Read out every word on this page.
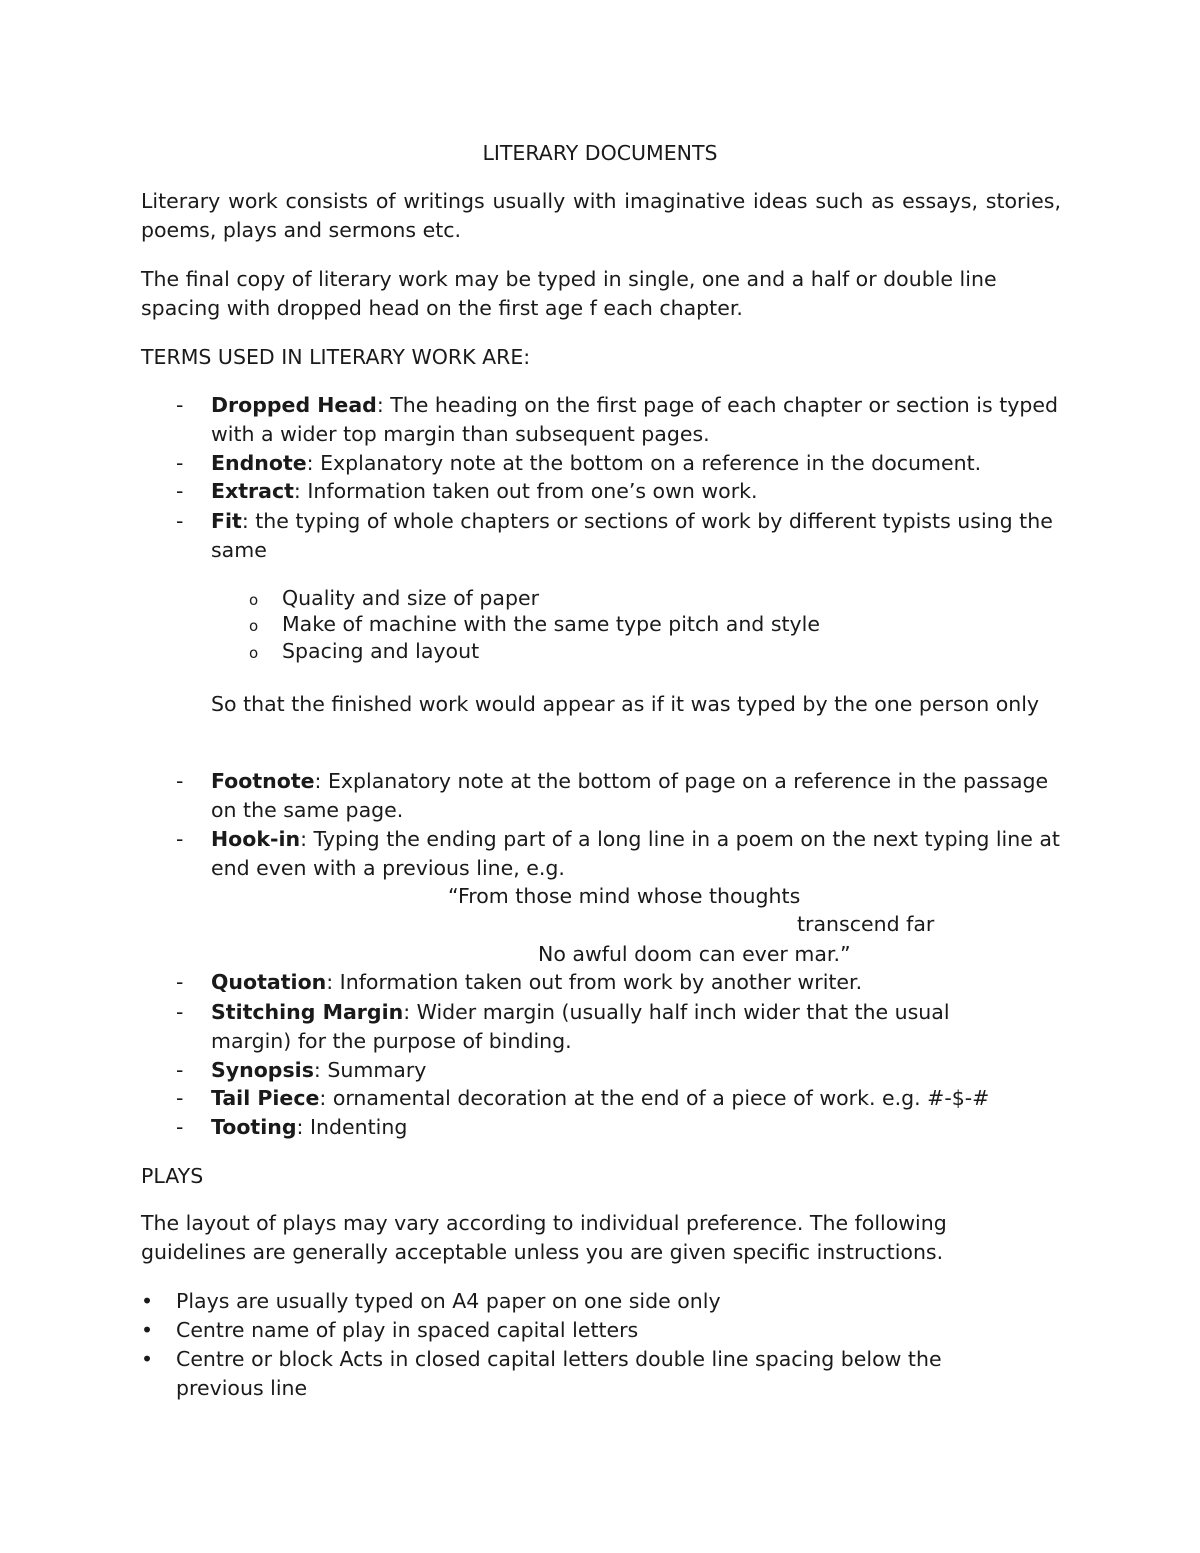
LITERARY DOCUMENTS
Literary work consists of writings usually with imaginative ideas such as essays, stories, poems, plays and sermons etc.
The final copy of literary work may be typed in single, one and a half or double line spacing with dropped head on the first age f each chapter.
TERMS USED IN LITERARY WORK ARE:
- Dropped Head: The heading on the first page of each chapter or section is typed with a wider top margin than subsequent pages.
- Endnote: Explanatory note at the bottom on a reference in the document.
- Extract: Information taken out from one’s own work.
- Fit: the typing of whole chapters or sections of work by different typists using the same
o Quality and size of paper
o Make of machine with the same type pitch and style
o Spacing and layout
So that the finished work would appear as if it was typed by the one person only
- Footnote: Explanatory note at the bottom of page on a reference in the passage on the same page.
- Hook-in: Typing the ending part of a long line in a poem on the next typing line at end even with a previous line, e.g.
“From those mind whose thoughts
transcend far
No awful doom can ever mar.”
- Quotation: Information taken out from work by another writer.
- Stitching Margin: Wider margin (usually half inch wider that the usual margin) for the purpose of binding.
- Synopsis: Summary
- Tail Piece: ornamental decoration at the end of a piece of work. e.g. #-$-#
- Tooting: Indenting
PLAYS
The layout of plays may vary according to individual preference. The following guidelines are generally acceptable unless you are given specific instructions.
• Plays are usually typed on A4 paper on one side only
• Centre name of play in spaced capital letters
• Centre or block Acts in closed capital letters double line spacing below the previous line
